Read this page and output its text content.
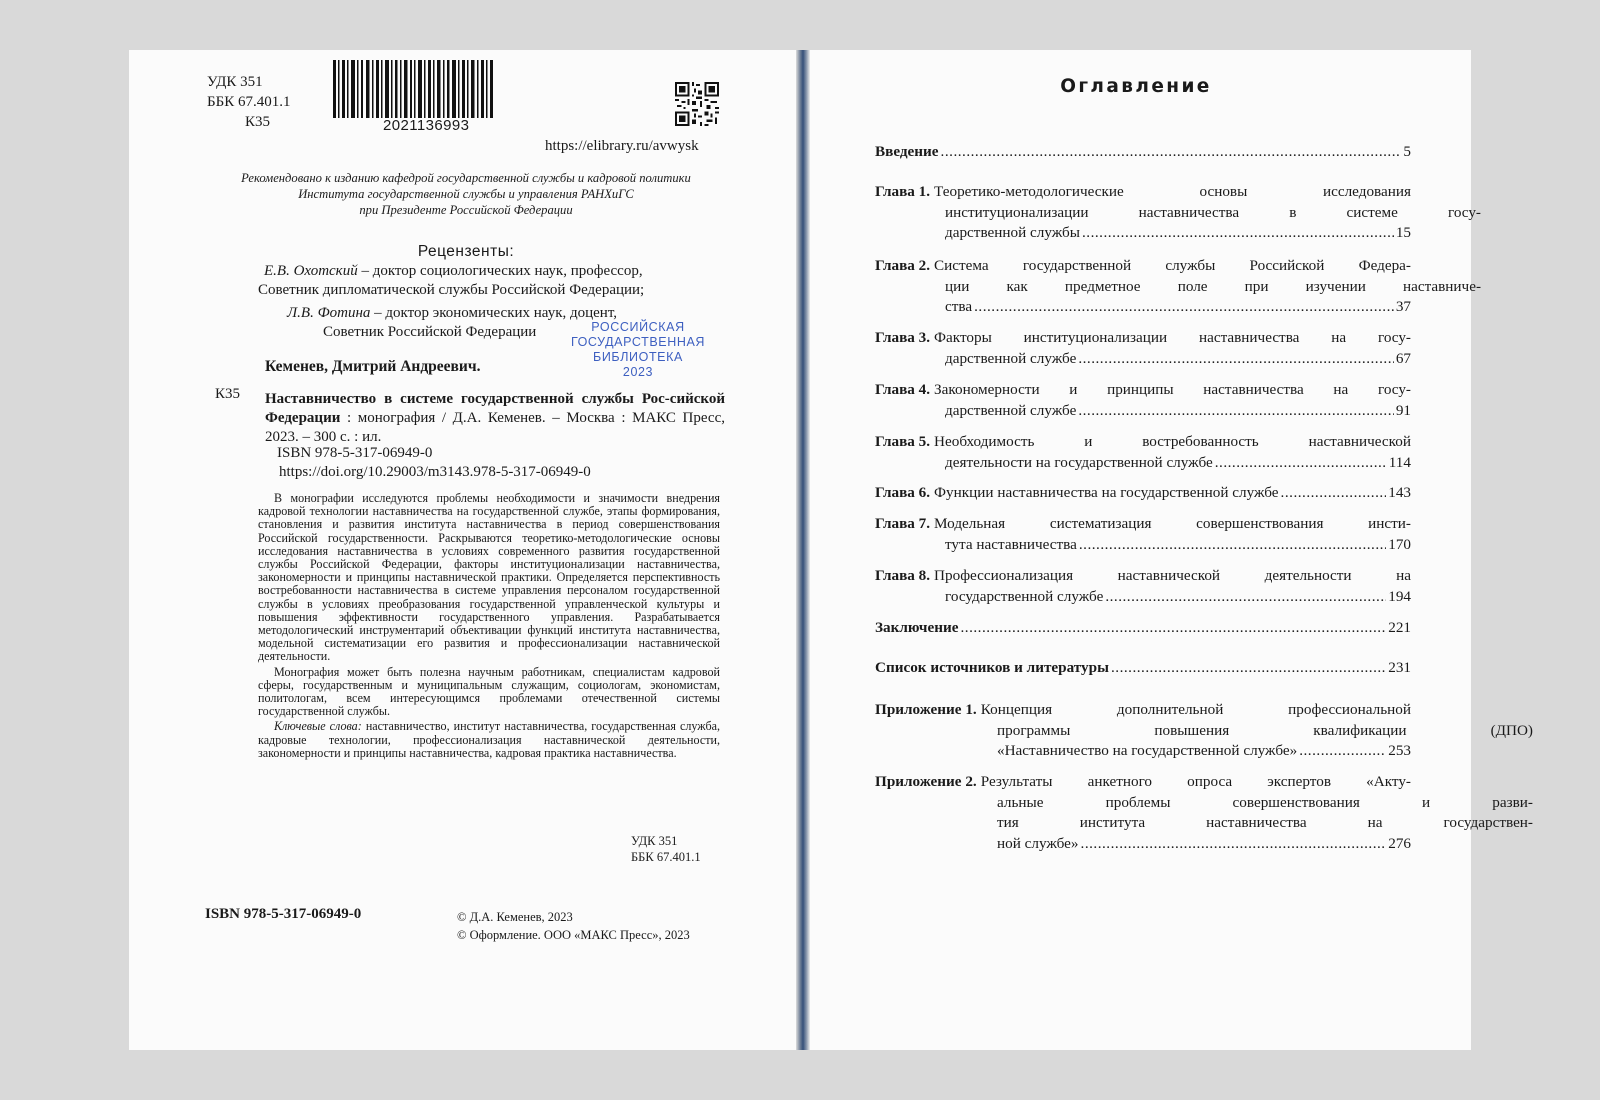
УДК 351
ББК 67.401.1
К35	2021136993
https://elibrary.ru/avwysk
Рекомендовано к изданию кафедрой государственной службы и кадровой политики
Института государственной службы и управления РАНХиГС
при Президенте Российской Федерации
Рецензенты:
Е.В. Охотский – доктор социологических наук, профессор,
Советник дипломатической службы Российской Федерации;
Л.В. Фотина – доктор экономических наук, доцент,
Советник Российской Федерации	РОССИЙСКАЯ
ГОСУДАРСТВЕННАЯ
БИБЛИОТЕКА
2023
Кеменев, Дмитрий Андреевич.
К35 Наставничество в системе государственной службы Рос-сийской Федерации : монография / Д.А. Кеменев. – Москва : МАКС Пресс, 2023. – 300 с. : ил.
ISBN 978-5-317-06949-0
https://doi.org/10.29003/m3143.978-5-317-06949-0

В монографии исследуются проблемы необходимости и значимости внедрения кадровой технологии наставничества на государственной службе, этапы формирования, становления и развития института наставничества в период совершенствования Российской государственности. Раскрываются теоретико-методологические основы исследования наставничества в условиях современного развития государственной службы Российской Федерации, факторы институционализации наставничества, закономерности и принципы наставнической практики. Определяется перспективность востребованности наставничества в системе управления персоналом государственной службы в условиях преобразования государственной управленческой культуры и повышения эффективности государственного управления. Разрабатывается методологический инструментарий объективации функций института наставничества, модельной систематизации его развития и профессионализации наставнической деятельности.

Монография может быть полезна научным работникам, специалистам кадровой сферы, государственным и муниципальным служащим, социологам, экономистам, политологам, всем интересующимся проблемами отечественной системы государственной службы.

Ключевые слова: наставничество, институт наставничества, государственная служба, кадровые технологии, профессионализация наставнической деятельности, закономерности и принципы наставничества, кадровая практика наставничества.

УДК 351
ББК 67.401.1
ISBN 978-5-317-06949-0	© Д.А. Кеменев, 2023
© Оформление. ООО «МАКС Пресс», 2023
Оглавление
Введение .....	5
Глава 1. Теоретико-методологические основы исследования
институционализации наставничества в системе госу-
дарственной службы .....	15
Глава 2. Система государственной службы Российской Федера-
ции как предметное поле при изучении наставниче-
ства .....	37
Глава 3. Факторы институционализации наставничества на госу-
дарственной службе .....	67
Глава 4. Закономерности и принципы наставничества на госу-
дарственной службе .....	91
Глава 5. Необходимость и востребованность наставнической
деятельности на государственной службе .....	114
Глава 6. Функции наставничества на государственной службе .....	143
Глава 7. Модельная систематизация совершенствования инсти-
тута наставничества .....	170
Глава 8. Профессионализация наставнической деятельности на
государственной службе .....	194
Заключение .....	221
Список источников и литературы .....	231
Приложение 1. Концепция дополнительной профессиональной
программы повышения квалификации (ДПО)
«Наставничество на государственной службе» .....	253
Приложение 2. Результаты анкетного опроса экспертов «Акту-
альные проблемы совершенствования и разви-
тия института наставничества на государствен-
ной службе» .....	276
